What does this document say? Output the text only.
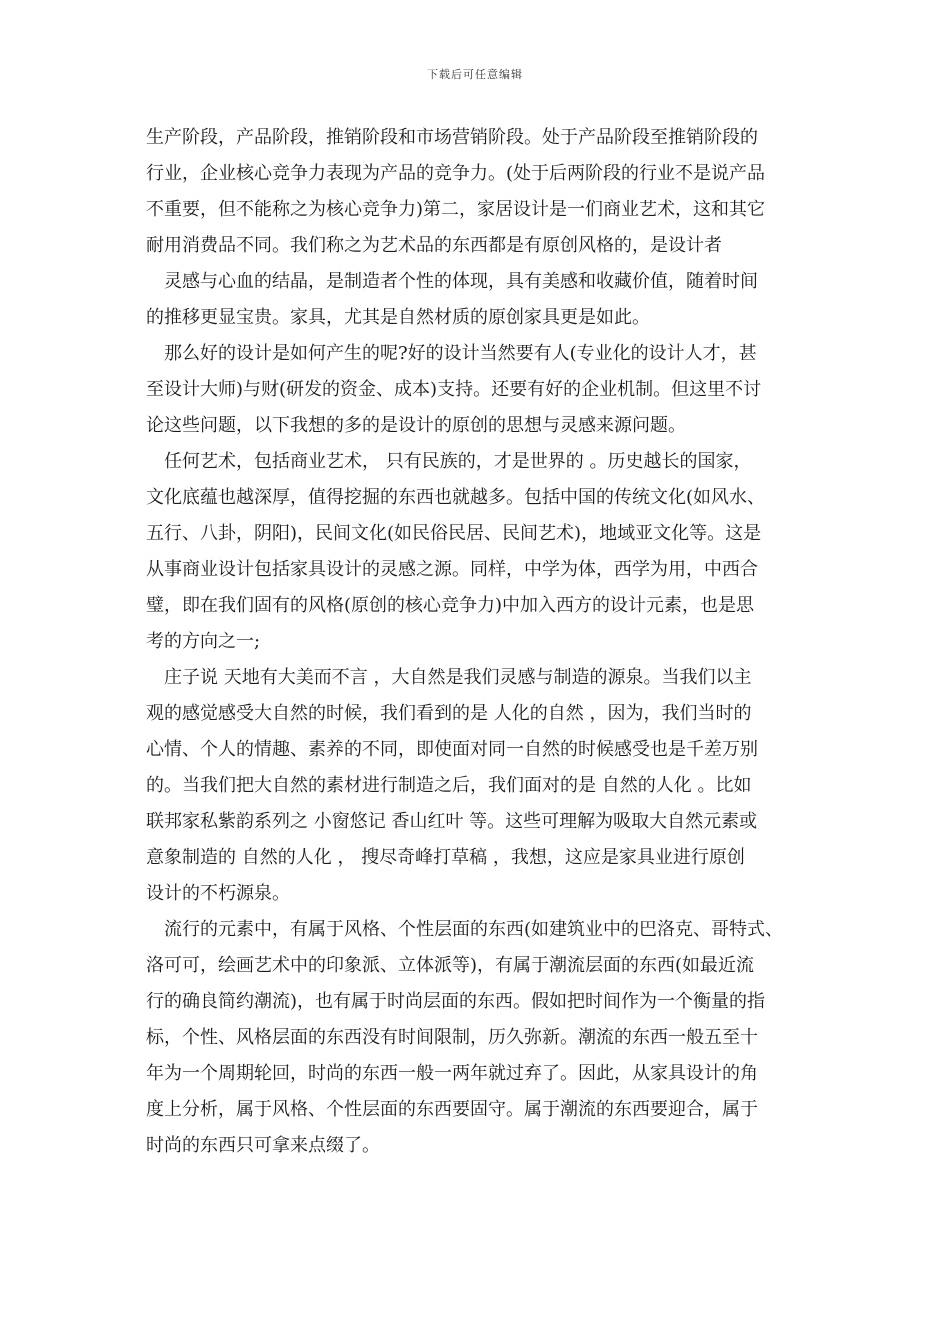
下载后可任意编辑
生产阶段，产品阶段，推销阶段和市场营销阶段。处于产品阶段至推销阶段的
行业，企业核心竞争力表现为产品的竞争力。(处于后两阶段的行业不是说产品
不重要，但不能称之为核心竞争力)第二，家居设计是一们商业艺术，这和其它
耐用消费品不同。我们称之为艺术品的东西都是有原创风格的，是设计者
灵感与心血的结晶，是制造者个性的体现，具有美感和收藏价值，随着时间
的推移更显宝贵。家具，尤其是自然材质的原创家具更是如此。
那么好的设计是如何产生的呢?好的设计当然要有人(专业化的设计人才，甚
至设计大师)与财(研发的资金、成本)支持。还要有好的企业机制。但这里不讨
论这些问题，以下我想的多的是设计的原创的思想与灵感来源问题。
任何艺术，包括商业艺术， 只有民族的，才是世界的 。历史越长的国家，
文化底蕴也越深厚，值得挖掘的东西也就越多。包括中国的传统文化(如风水、
五行、八卦，阴阳)，民间文化(如民俗民居、民间艺术)，地域亚文化等。这是
从事商业设计包括家具设计的灵感之源。同样，中学为体，西学为用，中西合
璧，即在我们固有的风格(原创的核心竞争力)中加入西方的设计元素，也是思
考的方向之一;
庄子说 天地有大美而不言 ，大自然是我们灵感与制造的源泉。当我们以主
观的感觉感受大自然的时候，我们看到的是 人化的自然 ，因为，我们当时的
心情、个人的情趣、素养的不同，即使面对同一自然的时候感受也是千差万别
的。当我们把大自然的素材进行制造之后，我们面对的是 自然的人化 。比如
联邦家私紫韵系列之 小窗悠记 香山红叶 等。这些可理解为吸取大自然元素或
意象制造的 自然的人化 ， 搜尽奇峰打草稿 ，我想，这应是家具业进行原创
设计的不朽源泉。
流行的元素中，有属于风格、个性层面的东西(如建筑业中的巴洛克、哥特式、
洛可可，绘画艺术中的印象派、立体派等)，有属于潮流层面的东西(如最近流
行的确良简约潮流)，也有属于时尚层面的东西。假如把时间作为一个衡量的指
标，个性、风格层面的东西没有时间限制，历久弥新。潮流的东西一般五至十
年为一个周期轮回，时尚的东西一般一两年就过弃了。因此，从家具设计的角
度上分析，属于风格、个性层面的东西要固守。属于潮流的东西要迎合，属于
时尚的东西只可拿来点缀了。
